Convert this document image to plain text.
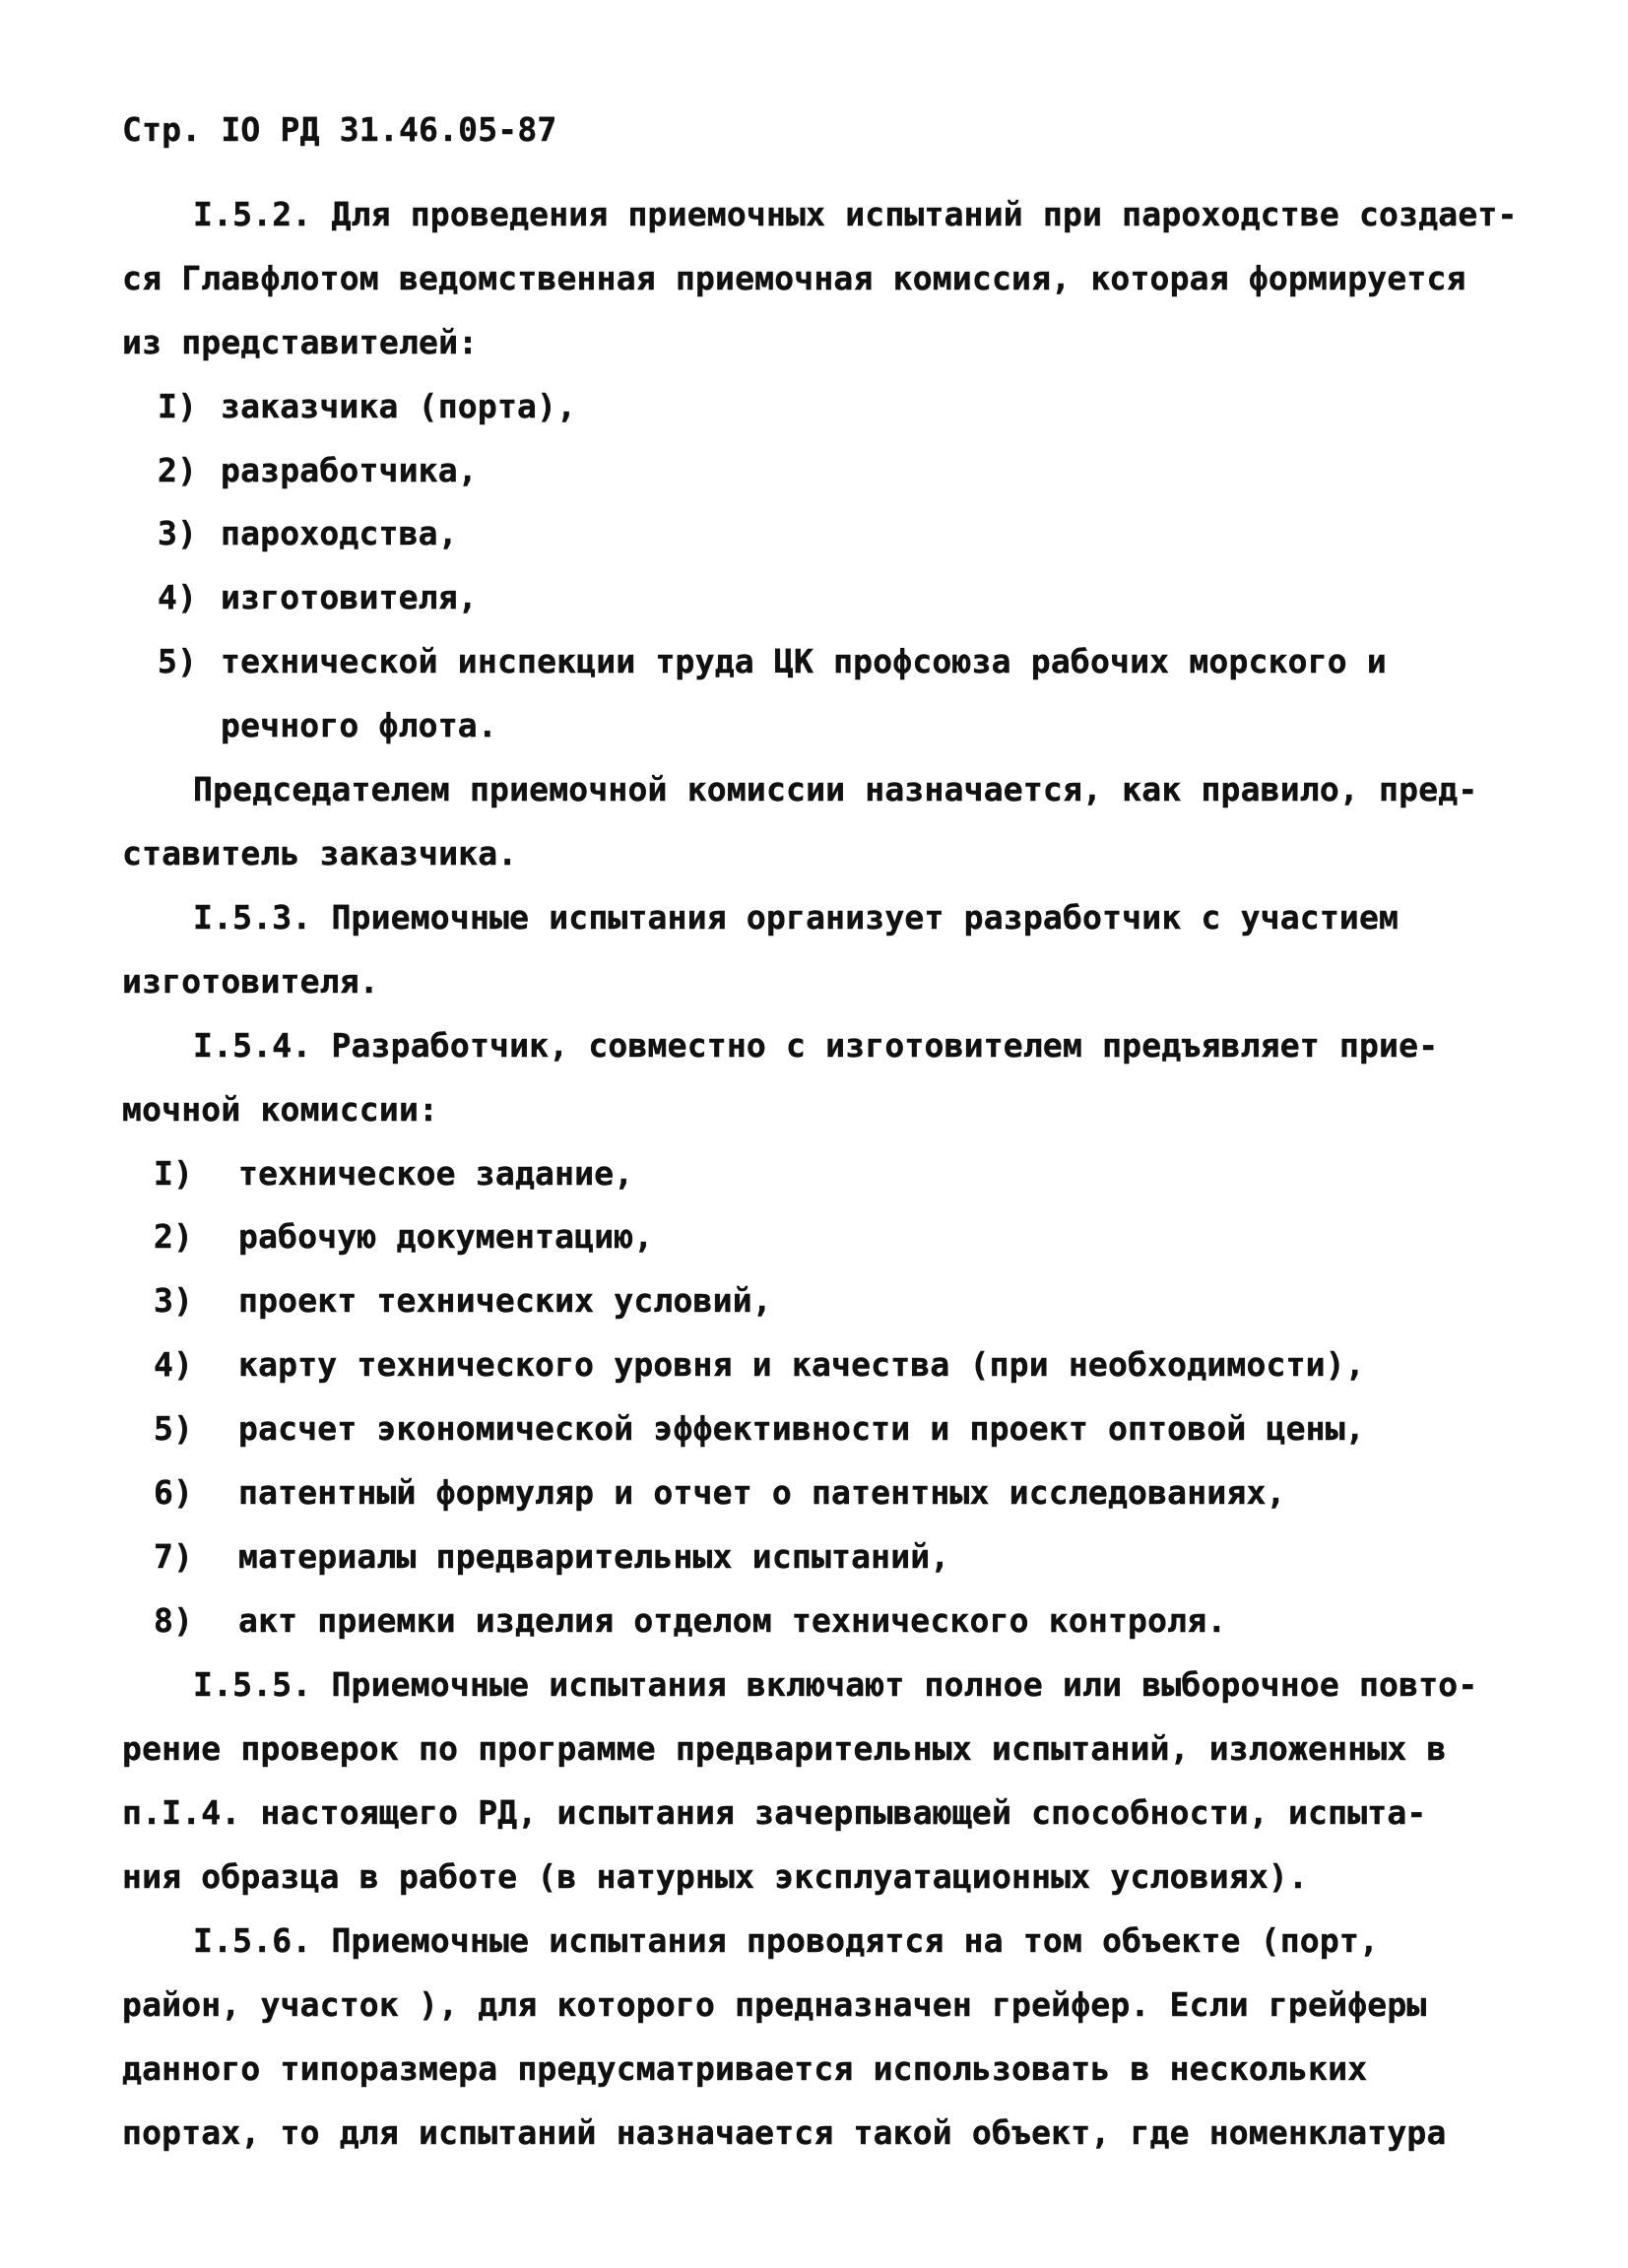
Стр. IO РД 31.46.05-87
I.5.2. Для проведения приемочных испытаний при пароходстве создает-
ся Главфлотом ведомственная приемочная комиссия, которая формируется
из представителей:
I) заказчика (порта),
2) разработчика,
3) пароходства,
4) изготовителя,
5) технической инспекции труда ЦК профсоюза рабочих морского и
речного флота.
Председателем приемочной комиссии назначается, как правило, пред-
ставитель заказчика.
I.5.3. Приемочные испытания организует разработчик с участием
изготовителя.
I.5.4. Разработчик, совместно с изготовителем предъявляет прие-
мочной комиссии:
I) техническое задание,
2) рабочую документацию,
3) проект технических условий,
4) карту технического уровня и качества (при необходимости),
5) расчет экономической эффективности и проект оптовой цены,
6) патентный формуляр и отчет о патентных исследованиях,
7) материалы предварительных испытаний,
8) акт приемки изделия отделом технического контроля.
I.5.5. Приемочные испытания включают полное или выборочное повто-
рение проверок по программе предварительных испытаний, изложенных в
п.I.4. настоящего РД, испытания зачерпывающей способности, испыта-
ния образца в работе (в натурных эксплуатационных условиях).
I.5.6. Приемочные испытания проводятся на том объекте (порт,
район, участок ), для которого предназначен грейфер. Если грейферы
данного типоразмера предусматривается использовать в нескольких
портах, то для испытаний назначается такой объект, где номенклатура
